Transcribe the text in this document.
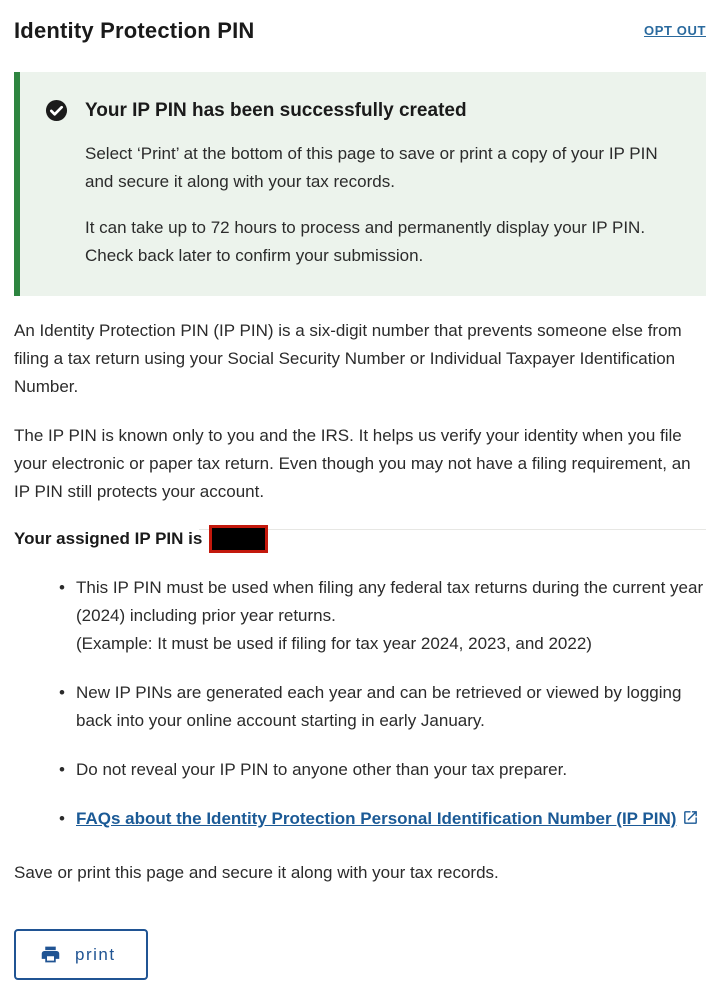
Identity Protection PIN	OPT OUT
Your IP PIN has been successfully created

Select ‘Print’ at the bottom of this page to save or print a copy of your IP PIN and secure it along with your tax records.

It can take up to 72 hours to process and permanently display your IP PIN. Check back later to confirm your submission.

An Identity Protection PIN (IP PIN) is a six-digit number that prevents someone else from filing a tax return using your Social Security Number or Individual Taxpayer Identification Number.

The IP PIN is known only to you and the IRS. It helps us verify your identity when you file your electronic or paper tax return. Even though you may not have a filing requirement, an IP PIN still protects your account.

Your assigned IP PIN is
• This IP PIN must be used when filing any federal tax returns during the current year (2024) including prior year returns.
(Example: It must be used if filing for tax year 2024, 2023, and 2022)
• New IP PINs are generated each year and can be retrieved or viewed by logging back into your online account starting in early January.
• Do not reveal your IP PIN to anyone other than your tax preparer.
• FAQs about the Identity Protection Personal Identification Number (IP PIN)

Save or print this page and secure it along with your tax records.

print
